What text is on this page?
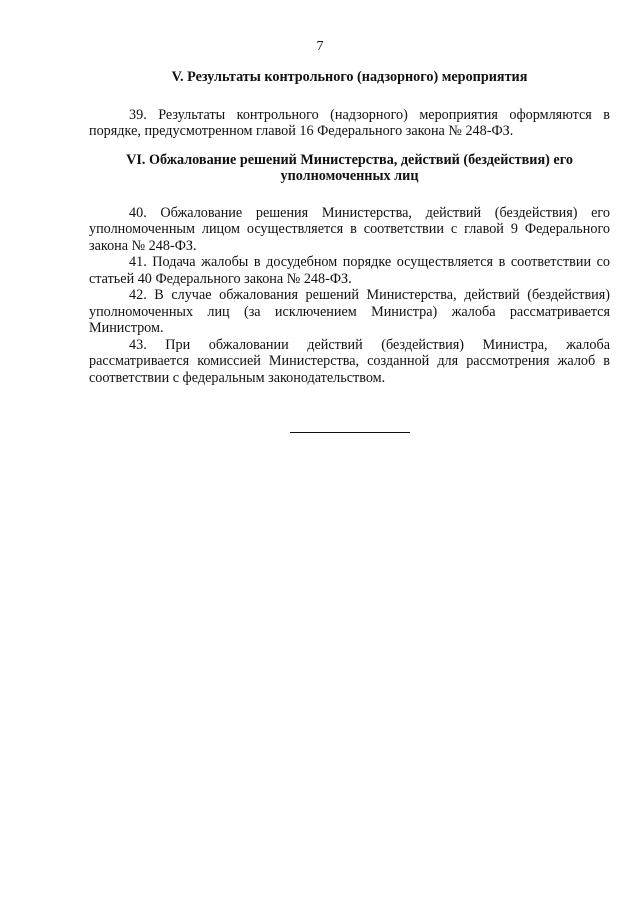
7

V. Результаты контрольного (надзорного) мероприятия

39. Результаты контрольного (надзорного) мероприятия оформляются в порядке, предусмотренном главой 16 Федерального закона № 248-ФЗ.

VI. Обжалование решений Министерства, действий (бездействия) его
уполномоченных лиц

40. Обжалование решения Министерства, действий (бездействия) его уполномоченным лицом осуществляется в соответствии с главой 9 Федерального закона № 248-ФЗ.

41. Подача жалобы в досудебном порядке осуществляется в соответствии со статьей 40 Федерального закона № 248-ФЗ.

42. В случае обжалования решений Министерства, действий (бездействия) уполномоченных лиц (за исключением Министра) жалоба рассматривается Министром.

43. При обжаловании действий (бездействия) Министра, жалоба рассматривается комиссией Министерства, созданной для рассмотрения жалоб в соответствии с федеральным законодательством.
